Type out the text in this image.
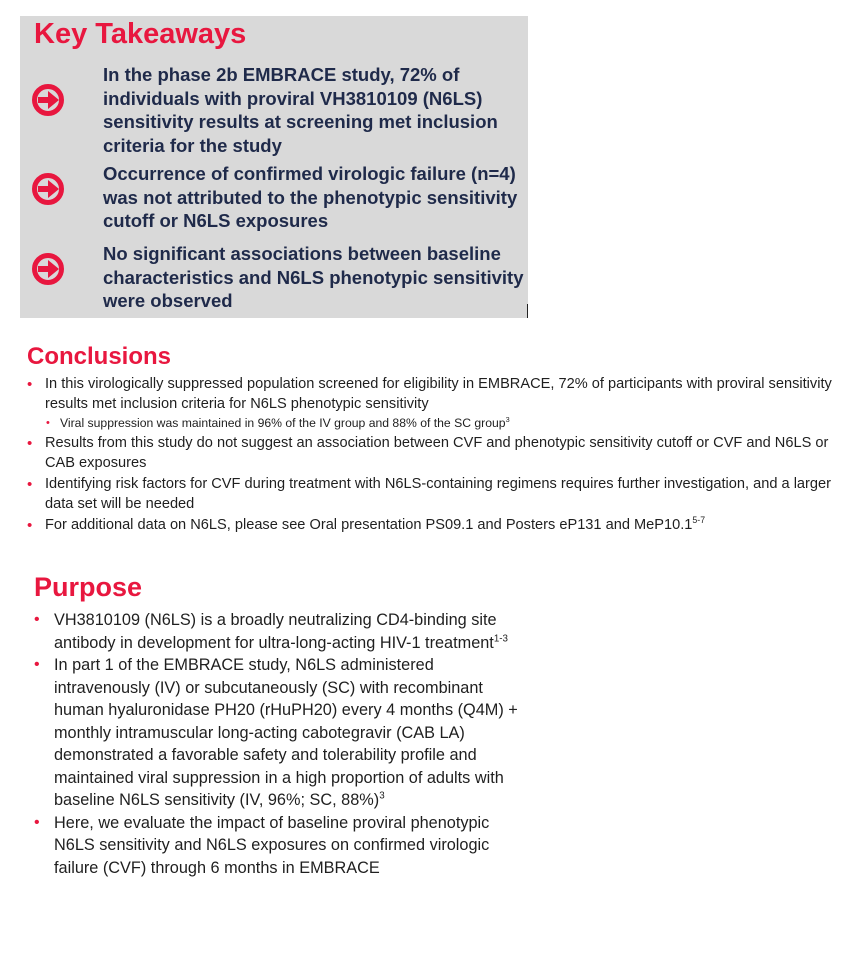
Key Takeaways
In the phase 2b EMBRACE study, 72% of individuals with proviral VH3810109 (N6LS) sensitivity results at screening met inclusion criteria for the study
Occurrence of confirmed virologic failure (n=4) was not attributed to the phenotypic sensitivity cutoff or N6LS exposures
No significant associations between baseline characteristics and N6LS phenotypic sensitivity were observed
Conclusions
• In this virologically suppressed population screened for eligibility in EMBRACE, 72% of participants with proviral sensitivity results met inclusion criteria for N6LS phenotypic sensitivity
• Viral suppression was maintained in 96% of the IV group and 88% of the SC group$^3$
• Results from this study do not suggest an association between CVF and phenotypic sensitivity cutoff or CVF and N6LS or CAB exposures
• Identifying risk factors for CVF during treatment with N6LS-containing regimens requires further investigation, and a larger data set will be needed
• For additional data on N6LS, please see Oral presentation PS09.1 and Posters eP131 and MeP10.1$^{5-7}$
Purpose
• VH3810109 (N6LS) is a broadly neutralizing CD4-binding site antibody in development for ultra-long-acting HIV-1 treatment$^{1-3}$
• In part 1 of the EMBRACE study, N6LS administered intravenously (IV) or subcutaneously (SC) with recombinant human hyaluronidase PH20 (rHuPH20) every 4 months (Q4M) + monthly intramuscular long-acting cabotegravir (CAB LA) demonstrated a favorable safety and tolerability profile and maintained viral suppression in a high proportion of adults with baseline N6LS sensitivity (IV, 96%; SC, 88%)$^3$
• Here, we evaluate the impact of baseline proviral phenotypic N6LS sensitivity and N6LS exposures on confirmed virologic failure (CVF) through 6 months in EMBRACE
